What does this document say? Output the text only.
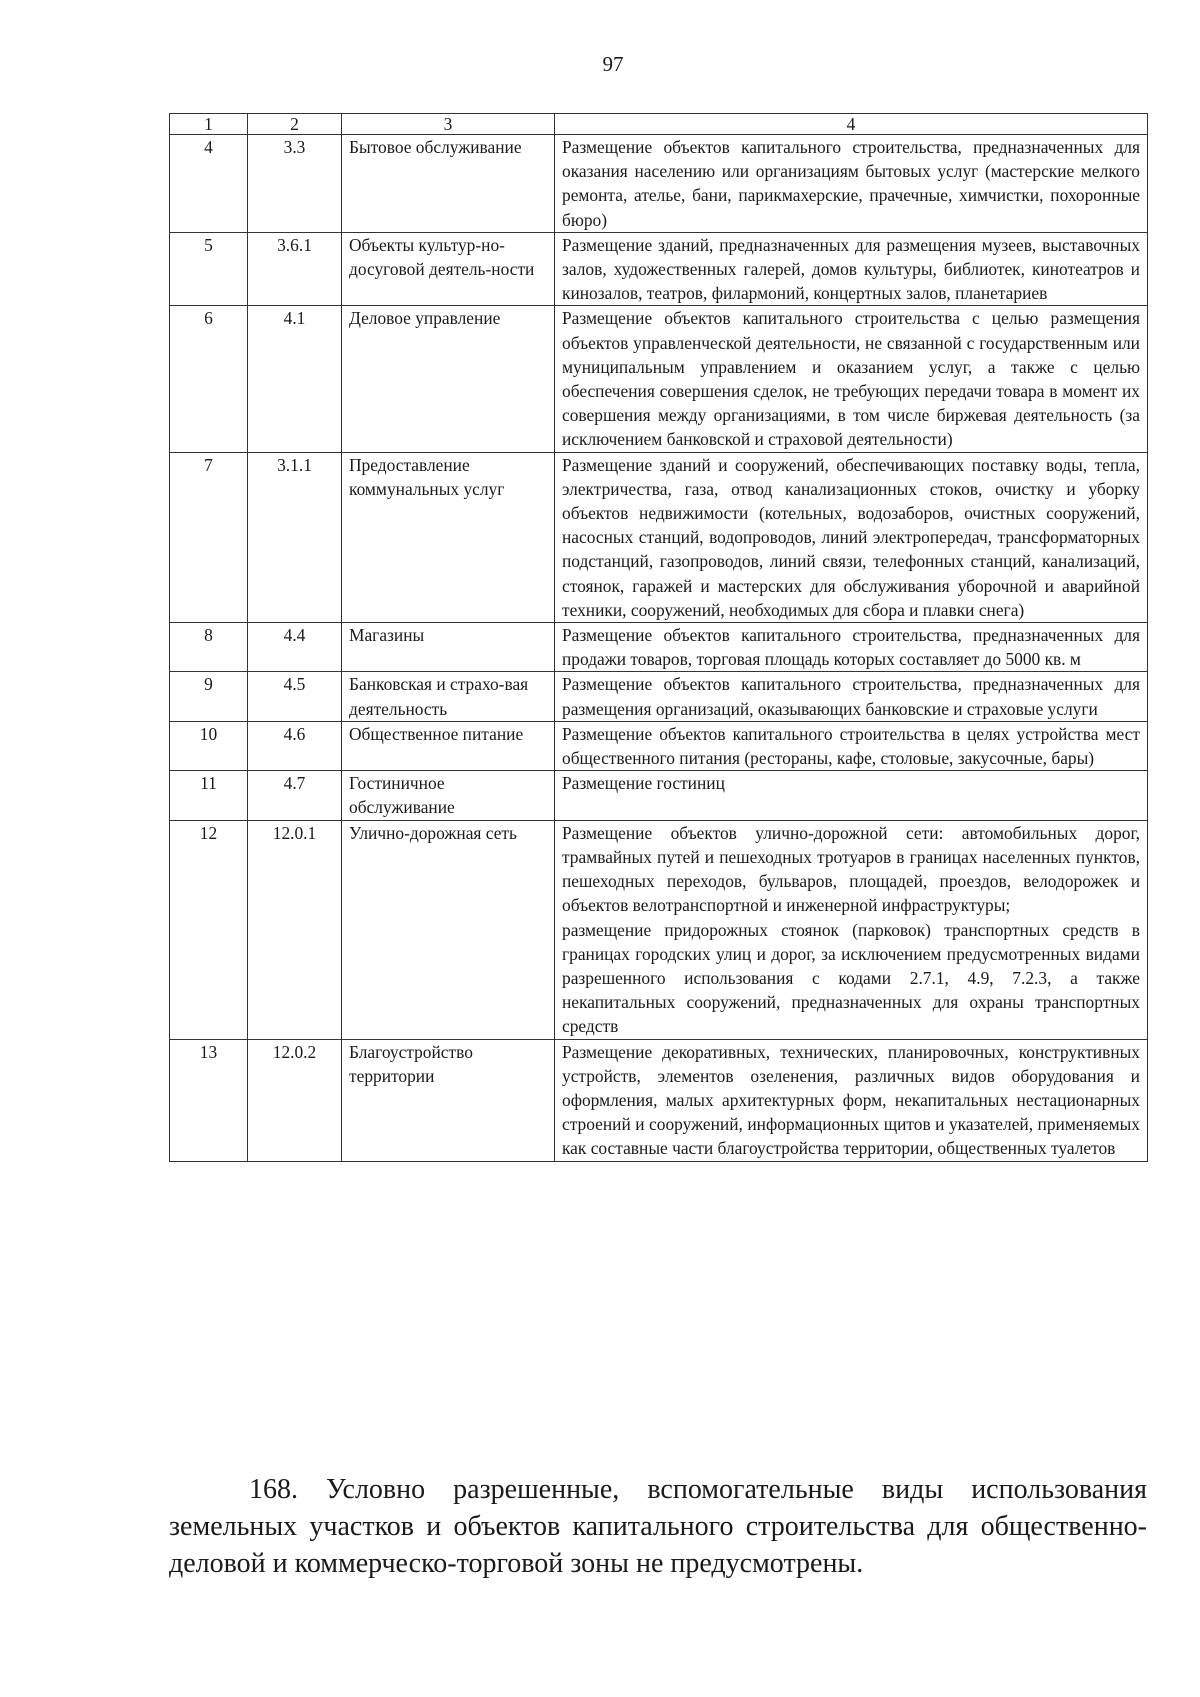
97
1	2	3	4
4	3.3	Бытовое обслуживание	Размещение объектов капитального строительства, предназначенных для оказания населению или организациям бытовых услуг (мастерские мелкого ремонта, ателье, бани, парикмахерские, прачечные, химчистки, похоронные бюро)

5	3.6.1	Объекты культур-но-досуговой деятель-ности	Размещение зданий, предназначенных для размещения музеев, выставочных залов, художественных галерей, домов культуры, библиотек, кинотеатров и кинозалов, театров, филармоний, концертных залов, планетариев

6	4.1	Деловое управление	Размещение объектов капитального строительства с целью размещения объектов управленческой деятельности, не связанной с государственным или муниципальным управлением и оказанием услуг, а также с целью обеспечения совершения сделок, не требующих передачи товара в момент их совершения между организациями, в том числе биржевая деятельность (за исключением банковской и страховой деятельности)

7	3.1.1	Предоставление коммунальных услуг	Размещение зданий и сооружений, обеспечивающих поставку воды, тепла, электричества, газа, отвод канализационных стоков, очистку и уборку объектов недвижимости (котельных, водозаборов, очистных сооружений, насосных станций, водопроводов, линий электропередач, трансформаторных подстанций, газопроводов, линий связи, телефонных станций, канализаций, стоянок, гаражей и мастерских для обслуживания уборочной и аварийной техники, сооружений, необходимых для сбора и плавки снега)

8	4.4	Магазины	Размещение объектов капитального строительства, предназначенных для продажи товаров, торговая площадь которых составляет до 5000 кв. м

9	4.5	Банковская и страхо-вая деятельность	Размещение объектов капитального строительства, предназначенных для размещения организаций, оказывающих банковские и страховые услуги

10	4.6	Общественное питание	Размещение объектов капитального строительства в целях устройства мест общественного питания (рестораны, кафе, столовые, закусочные, бары)

11	4.7	Гостиничное обслуживание	Размещение гостиниц

12	12.0.1	Улично-дорожная сеть	Размещение объектов улично-дорожной сети: автомобильных дорог, трамвайных путей и пешеходных тротуаров в границах населенных пунктов, пешеходных переходов, бульваров, площадей, проездов, велодорожек и объектов велотранспортной и инженерной инфраструктуры;
размещение придорожных стоянок (парковок) транспортных средств в границах городских улиц и дорог, за исключением предусмотренных видами разрешенного использования с кодами 2.7.1, 4.9, 7.2.3, а также некапитальных сооружений, предназначенных для охраны транспортных средств

13	12.0.2	Благоустройство территории	Размещение декоративных, технических, планировочных, конструктивных устройств, элементов озеленения, различных видов оборудования и оформления, малых архитектурных форм, некапитальных нестационарных строений и сооружений, информационных щитов и указателей, применяемых как составные части благоустройства территории, общественных туалетов

168. Условно разрешенные, вспомогательные виды использования земельных участков и объектов капитального строительства для общественно-деловой и коммерческо-торговой зоны не предусмотрены.
